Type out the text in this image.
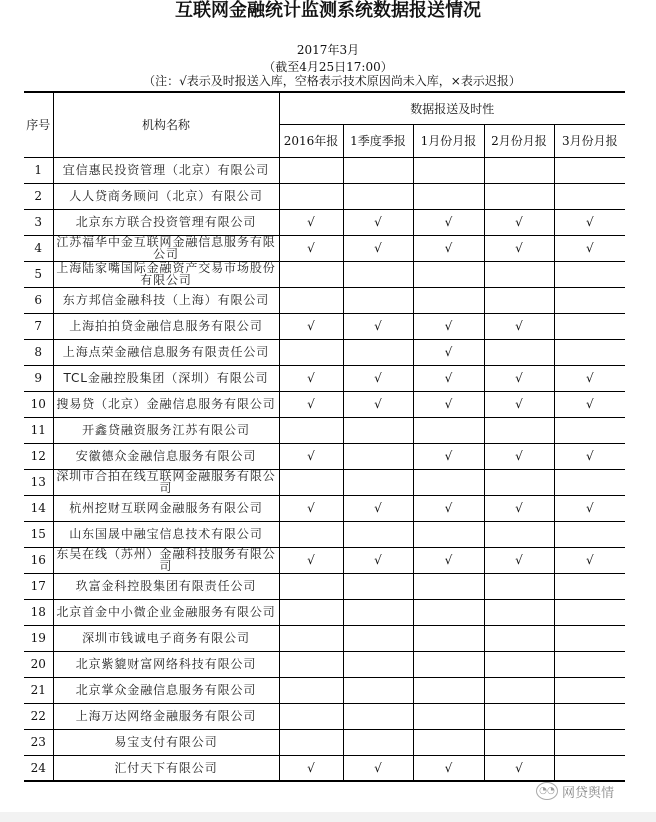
互联网金融统计监测系统数据报送情况
2017年3月
（截至4月25日17:00）
（注：√表示及时报送入库，空格表示技术原因尚未入库，×表示迟报）
序号	机构名称	数据报送及时性				
		2016年报	1季度季报	1月份月报	2月份月报	3月份月报
1	宜信惠民投资管理（北京）有限公司					
2	人人贷商务顾问（北京）有限公司					
3	北京东方联合投资管理有限公司	√	√	√	√	√
4	江苏福华中金互联网金融信息服务有限公司	√	√	√	√	√
5	上海陆家嘴国际金融资产交易市场股份有限公司					
6	东方邦信金融科技（上海）有限公司					
7	上海拍拍贷金融信息服务有限公司	√	√	√	√	
8	上海点荣金融信息服务有限责任公司			√		
9	TCL金融控股集团（深圳）有限公司	√	√	√	√	√
10	搜易贷（北京）金融信息服务有限公司	√	√	√	√	√
11	开鑫贷融资服务江苏有限公司					
12	安徽德众金融信息服务有限公司	√		√	√	√
13	深圳市合拍在线互联网金融服务有限公司					
14	杭州挖财互联网金融服务有限公司	√	√	√	√	√
15	山东国晟中融宝信息技术有限公司					
16	东吴在线（苏州）金融科技服务有限公司	√	√	√	√	√
17	玖富金科控股集团有限责任公司					
18	北京首金中小微企业金融服务有限公司					
19	深圳市钱诚电子商务有限公司					
20	北京紫貔财富网络科技有限公司					
21	北京掌众金融信息服务有限公司					
22	上海万达网络金融服务有限公司					
23	易宝支付有限公司					
24	汇付天下有限公司	√	√	√	√	
◔◔ 网贷舆情
